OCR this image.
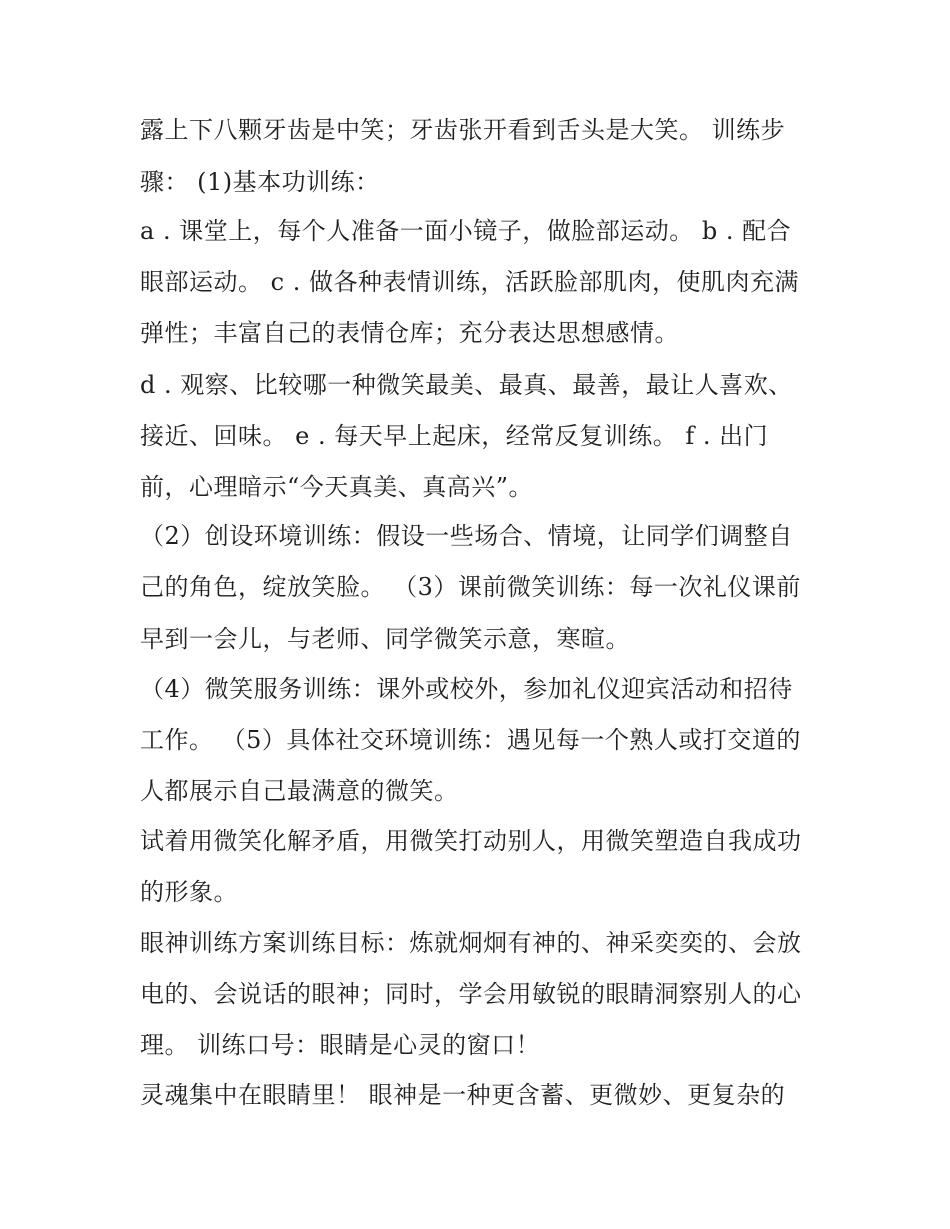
露上下八颗牙齿是中笑；牙齿张开看到舌头是大笑。 训练步
骤： (1)基本功训练：
a . 课堂上，每个人准备一面小镜子，做脸部运动。 b . 配合
眼部运动。 c . 做各种表情训练，活跃脸部肌肉，使肌肉充满
弹性；丰富自己的表情仓库；充分表达思想感情。
d . 观察、比较哪一种微笑最美、最真、最善，最让人喜欢、
接近、回味。 e . 每天早上起床，经常反复训练。 f . 出门
前，心理暗示“今天真美、真高兴”。
（2）创设环境训练：假设一些场合、情境，让同学们调整自
己的角色，绽放笑脸。 （3）课前微笑训练：每一次礼仪课前
早到一会儿，与老师、同学微笑示意，寒暄。
（4）微笑服务训练：课外或校外，参加礼仪迎宾活动和招待
工作。 （5）具体社交环境训练：遇见每一个熟人或打交道的
人都展示自己最满意的微笑。
试着用微笑化解矛盾，用微笑打动别人，用微笑塑造自我成功
的形象。
眼神训练方案训练目标：炼就炯炯有神的、神采奕奕的、会放
电的、会说话的眼神；同时，学会用敏锐的眼睛洞察别人的心
理。 训练口号：眼睛是心灵的窗口！
灵魂集中在眼睛里！ 眼神是一种更含蓄、更微妙、更复杂的
